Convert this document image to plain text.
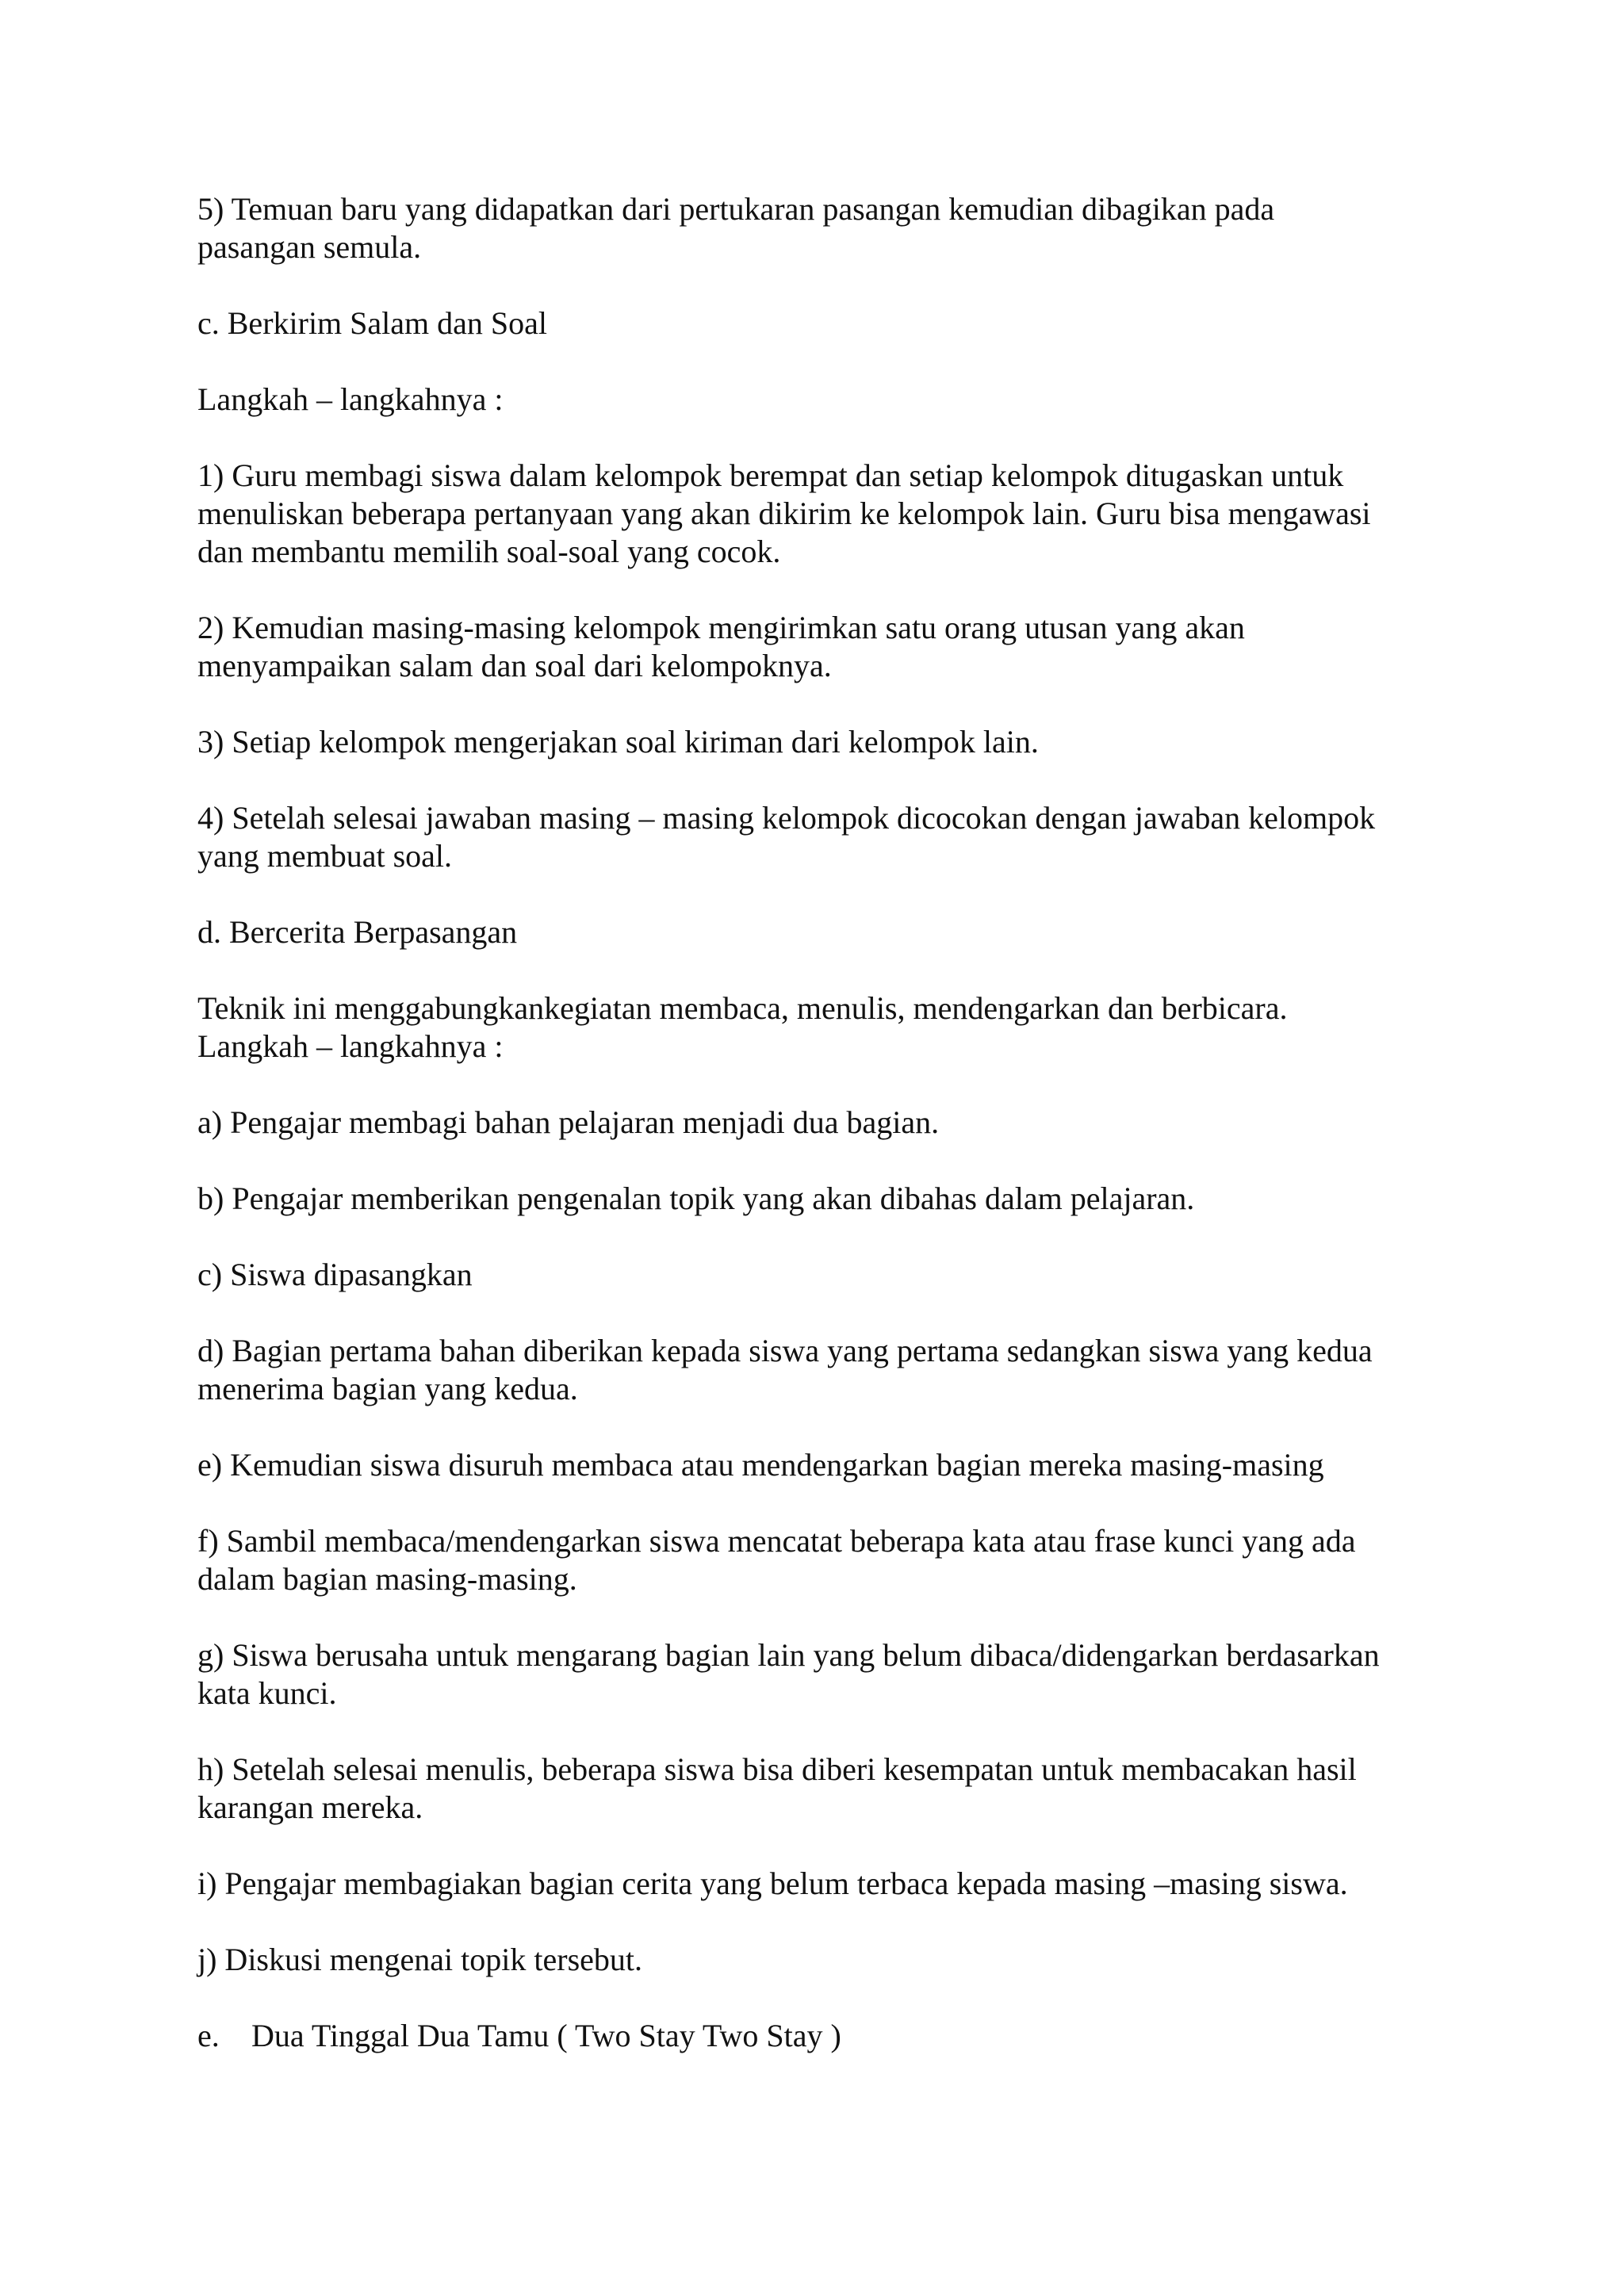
5) Temuan baru yang didapatkan dari pertukaran pasangan kemudian dibagikan pada
pasangan semula.

c. Berkirim Salam dan Soal

Langkah – langkahnya :

1) Guru membagi siswa dalam kelompok berempat dan setiap kelompok ditugaskan untuk
menuliskan beberapa pertanyaan yang akan dikirim ke kelompok lain. Guru bisa mengawasi
dan membantu memilih soal-soal yang cocok.

2) Kemudian masing-masing kelompok mengirimkan satu orang utusan yang akan
menyampaikan salam dan soal dari kelompoknya.

3) Setiap kelompok mengerjakan soal kiriman dari kelompok lain.

4) Setelah selesai jawaban masing – masing kelompok dicocokan dengan jawaban kelompok
yang membuat soal.

d. Bercerita Berpasangan

Teknik ini menggabungkankegiatan membaca, menulis, mendengarkan dan berbicara.
Langkah – langkahnya :

a) Pengajar membagi bahan pelajaran menjadi dua bagian.

b) Pengajar memberikan pengenalan topik yang akan dibahas dalam pelajaran.

c) Siswa dipasangkan

d) Bagian pertama bahan diberikan kepada siswa yang pertama sedangkan siswa yang kedua
menerima bagian yang kedua.

e) Kemudian siswa disuruh membaca atau mendengarkan bagian mereka masing-masing

f) Sambil membaca/mendengarkan siswa mencatat beberapa kata atau frase kunci yang ada
dalam bagian masing-masing.

g) Siswa berusaha untuk mengarang bagian lain yang belum dibaca/didengarkan berdasarkan
kata kunci.

h) Setelah selesai menulis, beberapa siswa bisa diberi kesempatan untuk membacakan hasil
karangan mereka.

i) Pengajar membagiakan bagian cerita yang belum terbaca kepada masing –masing siswa.

j) Diskusi mengenai topik tersebut.

e. Dua Tinggal Dua Tamu ( Two Stay Two Stay )
